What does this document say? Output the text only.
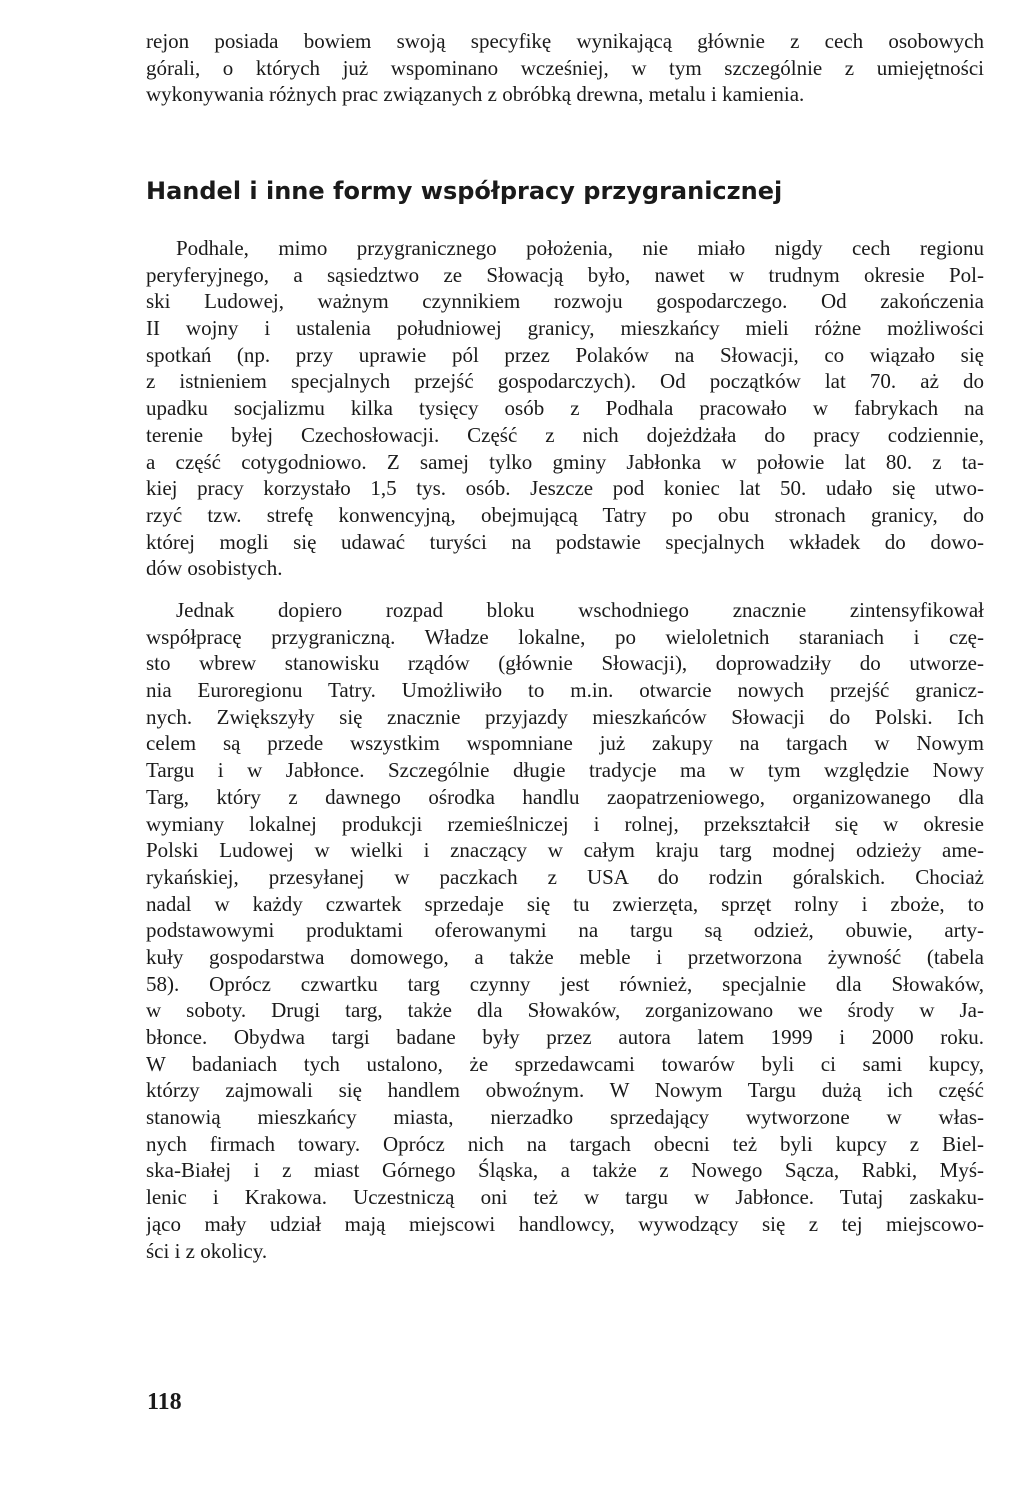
rejon posiada bowiem swoją specyfikę wynikającą głównie z cech osobowych
górali, o których już wspominano wcześniej, w tym szczególnie z umiejętności
wykonywania różnych prac związanych z obróbką drewna, metalu i kamienia.
Handel i inne formy współpracy przygranicznej
Podhale, mimo przygranicznego położenia, nie miało nigdy cech regionu
peryferyjnego, a sąsiedztwo ze Słowacją było, nawet w trudnym okresie Pol-
ski Ludowej, ważnym czynnikiem rozwoju gospodarczego. Od zakończenia
II wojny i ustalenia południowej granicy, mieszkańcy mieli różne możliwości
spotkań (np. przy uprawie pól przez Polaków na Słowacji, co wiązało się
z istnieniem specjalnych przejść gospodarczych). Od początków lat 70. aż do
upadku socjalizmu kilka tysięcy osób z Podhala pracowało w fabrykach na
terenie byłej Czechosłowacji. Część z nich dojeżdżała do pracy codziennie,
a część cotygodniowo. Z samej tylko gminy Jabłonka w połowie lat 80. z ta-
kiej pracy korzystało 1,5 tys. osób. Jeszcze pod koniec lat 50. udało się utwo-
rzyć tzw. strefę konwencyjną, obejmującą Tatry po obu stronach granicy, do
której mogli się udawać turyści na podstawie specjalnych wkładek do dowo-
dów osobistych.
Jednak dopiero rozpad bloku wschodniego znacznie zintensyfikował
współpracę przygraniczną. Władze lokalne, po wieloletnich staraniach i czę-
sto wbrew stanowisku rządów (głównie Słowacji), doprowadziły do utworze-
nia Euroregionu Tatry. Umożliwiło to m.in. otwarcie nowych przejść granicz-
nych. Zwiększyły się znacznie przyjazdy mieszkańców Słowacji do Polski. Ich
celem są przede wszystkim wspomniane już zakupy na targach w Nowym
Targu i w Jabłonce. Szczególnie długie tradycje ma w tym względzie Nowy
Targ, który z dawnego ośrodka handlu zaopatrzeniowego, organizowanego dla
wymiany lokalnej produkcji rzemieślniczej i rolnej, przekształcił się w okresie
Polski Ludowej w wielki i znaczący w całym kraju targ modnej odzieży ame-
rykańskiej, przesyłanej w paczkach z USA do rodzin góralskich. Chociaż
nadal w każdy czwartek sprzedaje się tu zwierzęta, sprzęt rolny i zboże, to
podstawowymi produktami oferowanymi na targu są odzież, obuwie, arty-
kuły gospodarstwa domowego, a także meble i przetworzona żywność (tabela
58). Oprócz czwartku targ czynny jest również, specjalnie dla Słowaków,
w soboty. Drugi targ, także dla Słowaków, zorganizowano we środy w Ja-
błonce. Obydwa targi badane były przez autora latem 1999 i 2000 roku.
W badaniach tych ustalono, że sprzedawcami towarów byli ci sami kupcy,
którzy zajmowali się handlem obwoźnym. W Nowym Targu dużą ich część
stanowią mieszkańcy miasta, nierzadko sprzedający wytworzone w włas-
nych firmach towary. Oprócz nich na targach obecni też byli kupcy z Biel-
ska-Białej i z miast Górnego Śląska, a także z Nowego Sącza, Rabki, Myś-
lenic i Krakowa. Uczestniczą oni też w targu w Jabłonce. Tutaj zaskaku-
jąco mały udział mają miejscowi handlowcy, wywodzący się z tej miejscowo-
ści i z okolicy.
118
